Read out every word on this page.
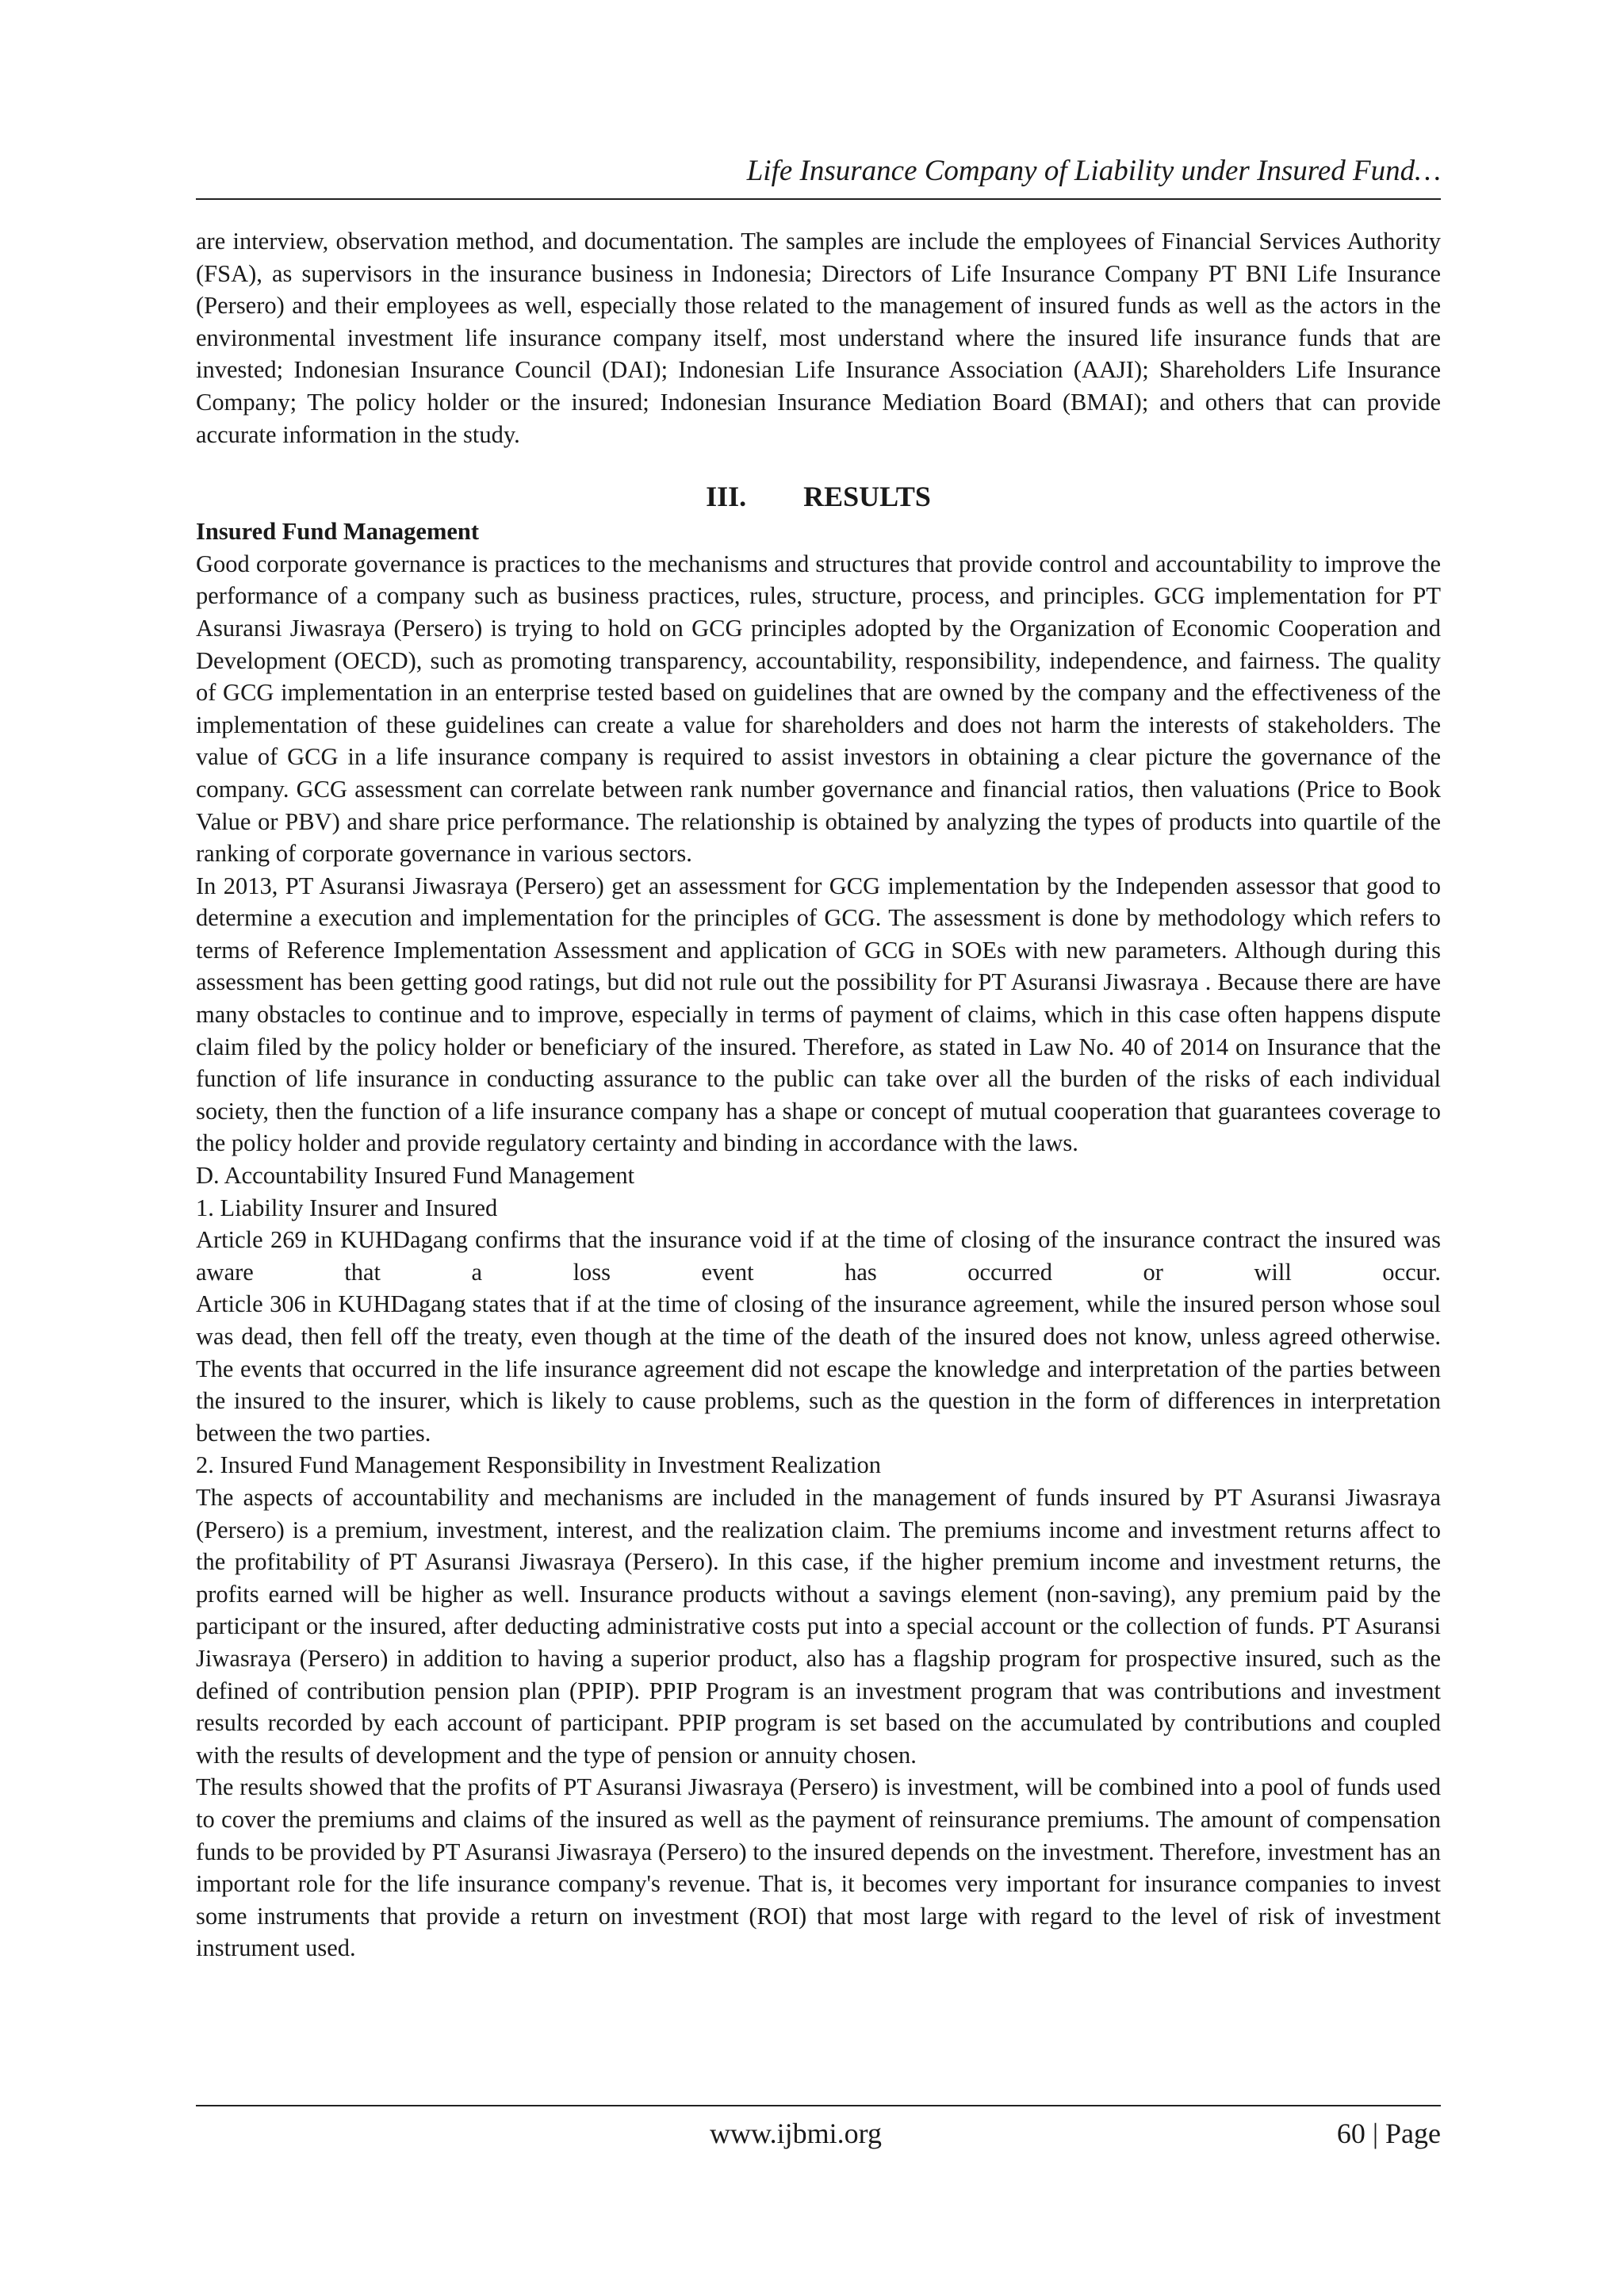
Life Insurance Company of Liability under Insured Fund…

are interview, observation method, and documentation. The samples are include the employees of Financial Services Authority (FSA), as supervisors in the insurance business in Indonesia; Directors of Life Insurance Company PT BNI Life Insurance (Persero) and their employees as well, especially those related to the management of insured funds as well as the actors in the environmental investment life insurance company itself, most understand where the insured life insurance funds that are invested; Indonesian Insurance Council (DAI); Indonesian Life Insurance Association (AAJI); Shareholders Life Insurance Company; The policy holder or the insured; Indonesian Insurance Mediation Board (BMAI); and others that can provide accurate information in the study.

III. RESULTS

Insured Fund Management

Good corporate governance is practices to the mechanisms and structures that provide control and accountability to improve the performance of a company such as business practices, rules, structure, process, and principles. GCG implementation for PT Asuransi Jiwasraya (Persero) is trying to hold on GCG principles adopted by the Organization of Economic Cooperation and Development (OECD), such as promoting transparency, accountability, responsibility, independence, and fairness. The quality of GCG implementation in an enterprise tested based on guidelines that are owned by the company and the effectiveness of the implementation of these guidelines can create a value for shareholders and does not harm the interests of stakeholders. The value of GCG in a life insurance company is required to assist investors in obtaining a clear picture the governance of the company. GCG assessment can correlate between rank number governance and financial ratios, then valuations (Price to Book Value or PBV) and share price performance. The relationship is obtained by analyzing the types of products into quartile of the ranking of corporate governance in various sectors.

In 2013, PT Asuransi Jiwasraya (Persero) get an assessment for GCG implementation by the Independen assessor that good to determine a execution and implementation for the principles of GCG. The assessment is done by methodology which refers to terms of Reference Implementation Assessment and application of GCG in SOEs with new parameters. Although during this assessment has been getting good ratings, but did not rule out the possibility for PT Asuransi Jiwasraya . Because there are have many obstacles to continue and to improve, especially in terms of payment of claims, which in this case often happens dispute claim filed by the policy holder or beneficiary of the insured. Therefore, as stated in Law No. 40 of 2014 on Insurance that the function of life insurance in conducting assurance to the public can take over all the burden of the risks of each individual society, then the function of a life insurance company has a shape or concept of mutual cooperation that guarantees coverage to the policy holder and provide regulatory certainty and binding in accordance with the laws.

D. Accountability Insured Fund Management

1. Liability Insurer and Insured

Article 269 in KUHDagang confirms that the insurance void if at the time of closing of the insurance contract the insured was aware that a loss event has occurred or will occur.

Article 306 in KUHDagang states that if at the time of closing of the insurance agreement, while the insured person whose soul was dead, then fell off the treaty, even though at the time of the death of the insured does not know, unless agreed otherwise. The events that occurred in the life insurance agreement did not escape the knowledge and interpretation of the parties between the insured to the insurer, which is likely to cause problems, such as the question in the form of differences in interpretation between the two parties.

2. Insured Fund Management Responsibility in Investment Realization

The aspects of accountability and mechanisms are included in the management of funds insured by PT Asuransi Jiwasraya (Persero) is a premium, investment, interest, and the realization claim. The premiums income and investment returns affect to the profitability of PT Asuransi Jiwasraya (Persero). In this case, if the higher premium income and investment returns, the profits earned will be higher as well. Insurance products without a savings element (non-saving), any premium paid by the participant or the insured, after deducting administrative costs put into a special account or the collection of funds. PT Asuransi Jiwasraya (Persero) in addition to having a superior product, also has a flagship program for prospective insured, such as the defined of contribution pension plan (PPIP). PPIP Program is an investment program that was contributions and investment results recorded by each account of participant. PPIP program is set based on the accumulated by contributions and coupled with the results of development and the type of pension or annuity chosen.

The results showed that the profits of PT Asuransi Jiwasraya (Persero) is investment, will be combined into a pool of funds used to cover the premiums and claims of the insured as well as the payment of reinsurance premiums. The amount of compensation funds to be provided by PT Asuransi Jiwasraya (Persero) to the insured depends on the investment. Therefore, investment has an important role for the life insurance company's revenue. That is, it becomes very important for insurance companies to invest some instruments that provide a return on investment (ROI) that most large with regard to the level of risk of investment instrument used.

www.ijbmi.org	60 | Page
